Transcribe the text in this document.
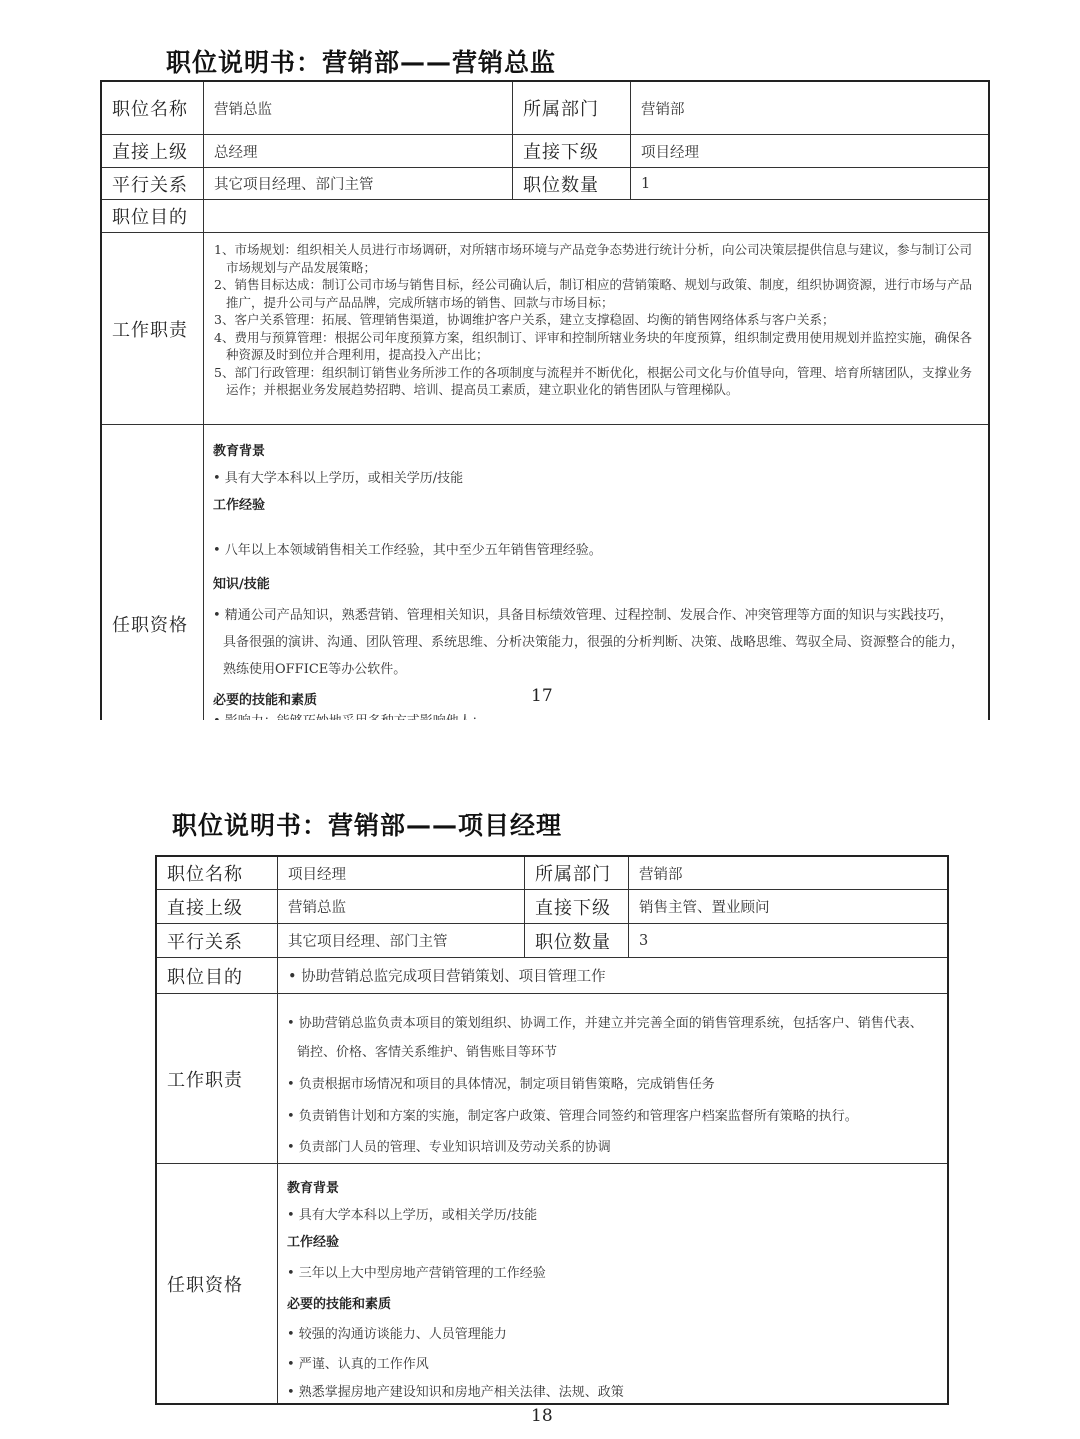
职位说明书：营销部——营销总监
职位名称 营销总监	所属部门	营销部
直接上级 总经理	直接下级	项目经理
平行关系 其它项目经理、部门主管	职位数量	1
职位目的
工作职责

1、市场规划：组织相关人员进行市场调研，对所辖市场环境与产品竞争态势进行统计分析，向公司决策层提供信息与建议，参与制订公司市场规划与产品发展策略；

2、销售目标达成：制订公司市场与销售目标，经公司确认后，制订相应的营销策略、规划与政策、制度，组织协调资源，进行市场与产品推广，提升公司与产品品牌，完成所辖市场的销售、回款与市场目标；

3、客户关系管理：拓展、管理销售渠道，协调维护客户关系，建立支撑稳固、均衡的销售网络体系与客户关系；

4、费用与预算管理：根据公司年度预算方案，组织制订、评审和控制所辖业务块的年度预算，组织制定费用使用规划并监控实施，确保各种资源及时到位并合理利用，提高投入产出比；

5、部门行政管理：组织制订销售业务所涉工作的各项制度与流程并不断优化，根据公司文化与价值导向，管理、培育所辖团队，支撑业务运作；并根据业务发展趋势招聘、培训、提高员工素质，建立职业化的销售团队与管理梯队。

任职资格
教育背景
• 具有大学本科以上学历，或相关学历/技能
工作经验
• 八年以上本领域销售相关工作经验，其中至少五年销售管理经验。
知识/技能
• 精通公司产品知识，熟悉营销、管理相关知识，具备目标绩效管理、过程控制、发展合作、冲突管理等方面的知识与实践技巧，
具备很强的演讲、沟通、团队管理、系统思维、分析决策能力，很强的分析判断、决策、战略思维、驾驭全局、资源整合的能力，
熟练使用OFFICE等办公软件。
必要的技能和素质	17
职位说明书：营销部——项目经理
职位名称	项目经理	所属部门 营销部
直接上级	营销总监	直接下级 销售主管、置业顾问
平行关系	其它项目经理、部门主管	职位数量 3
职位目的	• 协助营销总监完成项目营销策划、项目管理工作
工作职责
• 协助营销总监负责本项目的策划组织、协调工作，并建立并完善全面的销售管理系统，包括客户、销售代表、
销控、价格、客情关系维护、销售账目等环节
• 负责根据市场情况和项目的具体情况，制定项目销售策略，完成销售任务
• 负责销售计划和方案的实施，制定客户政策、管理合同签约和管理客户档案监督所有策略的执行。
• 负责部门人员的管理、专业知识培训及劳动关系的协调
任职资格
教育背景
• 具有大学本科以上学历，或相关学历/技能
工作经验
• 三年以上大中型房地产营销管理的工作经验
必要的技能和素质
• 较强的沟通访谈能力、人员管理能力
• 严谨、认真的工作作风
• 熟悉掌握房地产建设知识和房地产相关法律、法规、政策
18
